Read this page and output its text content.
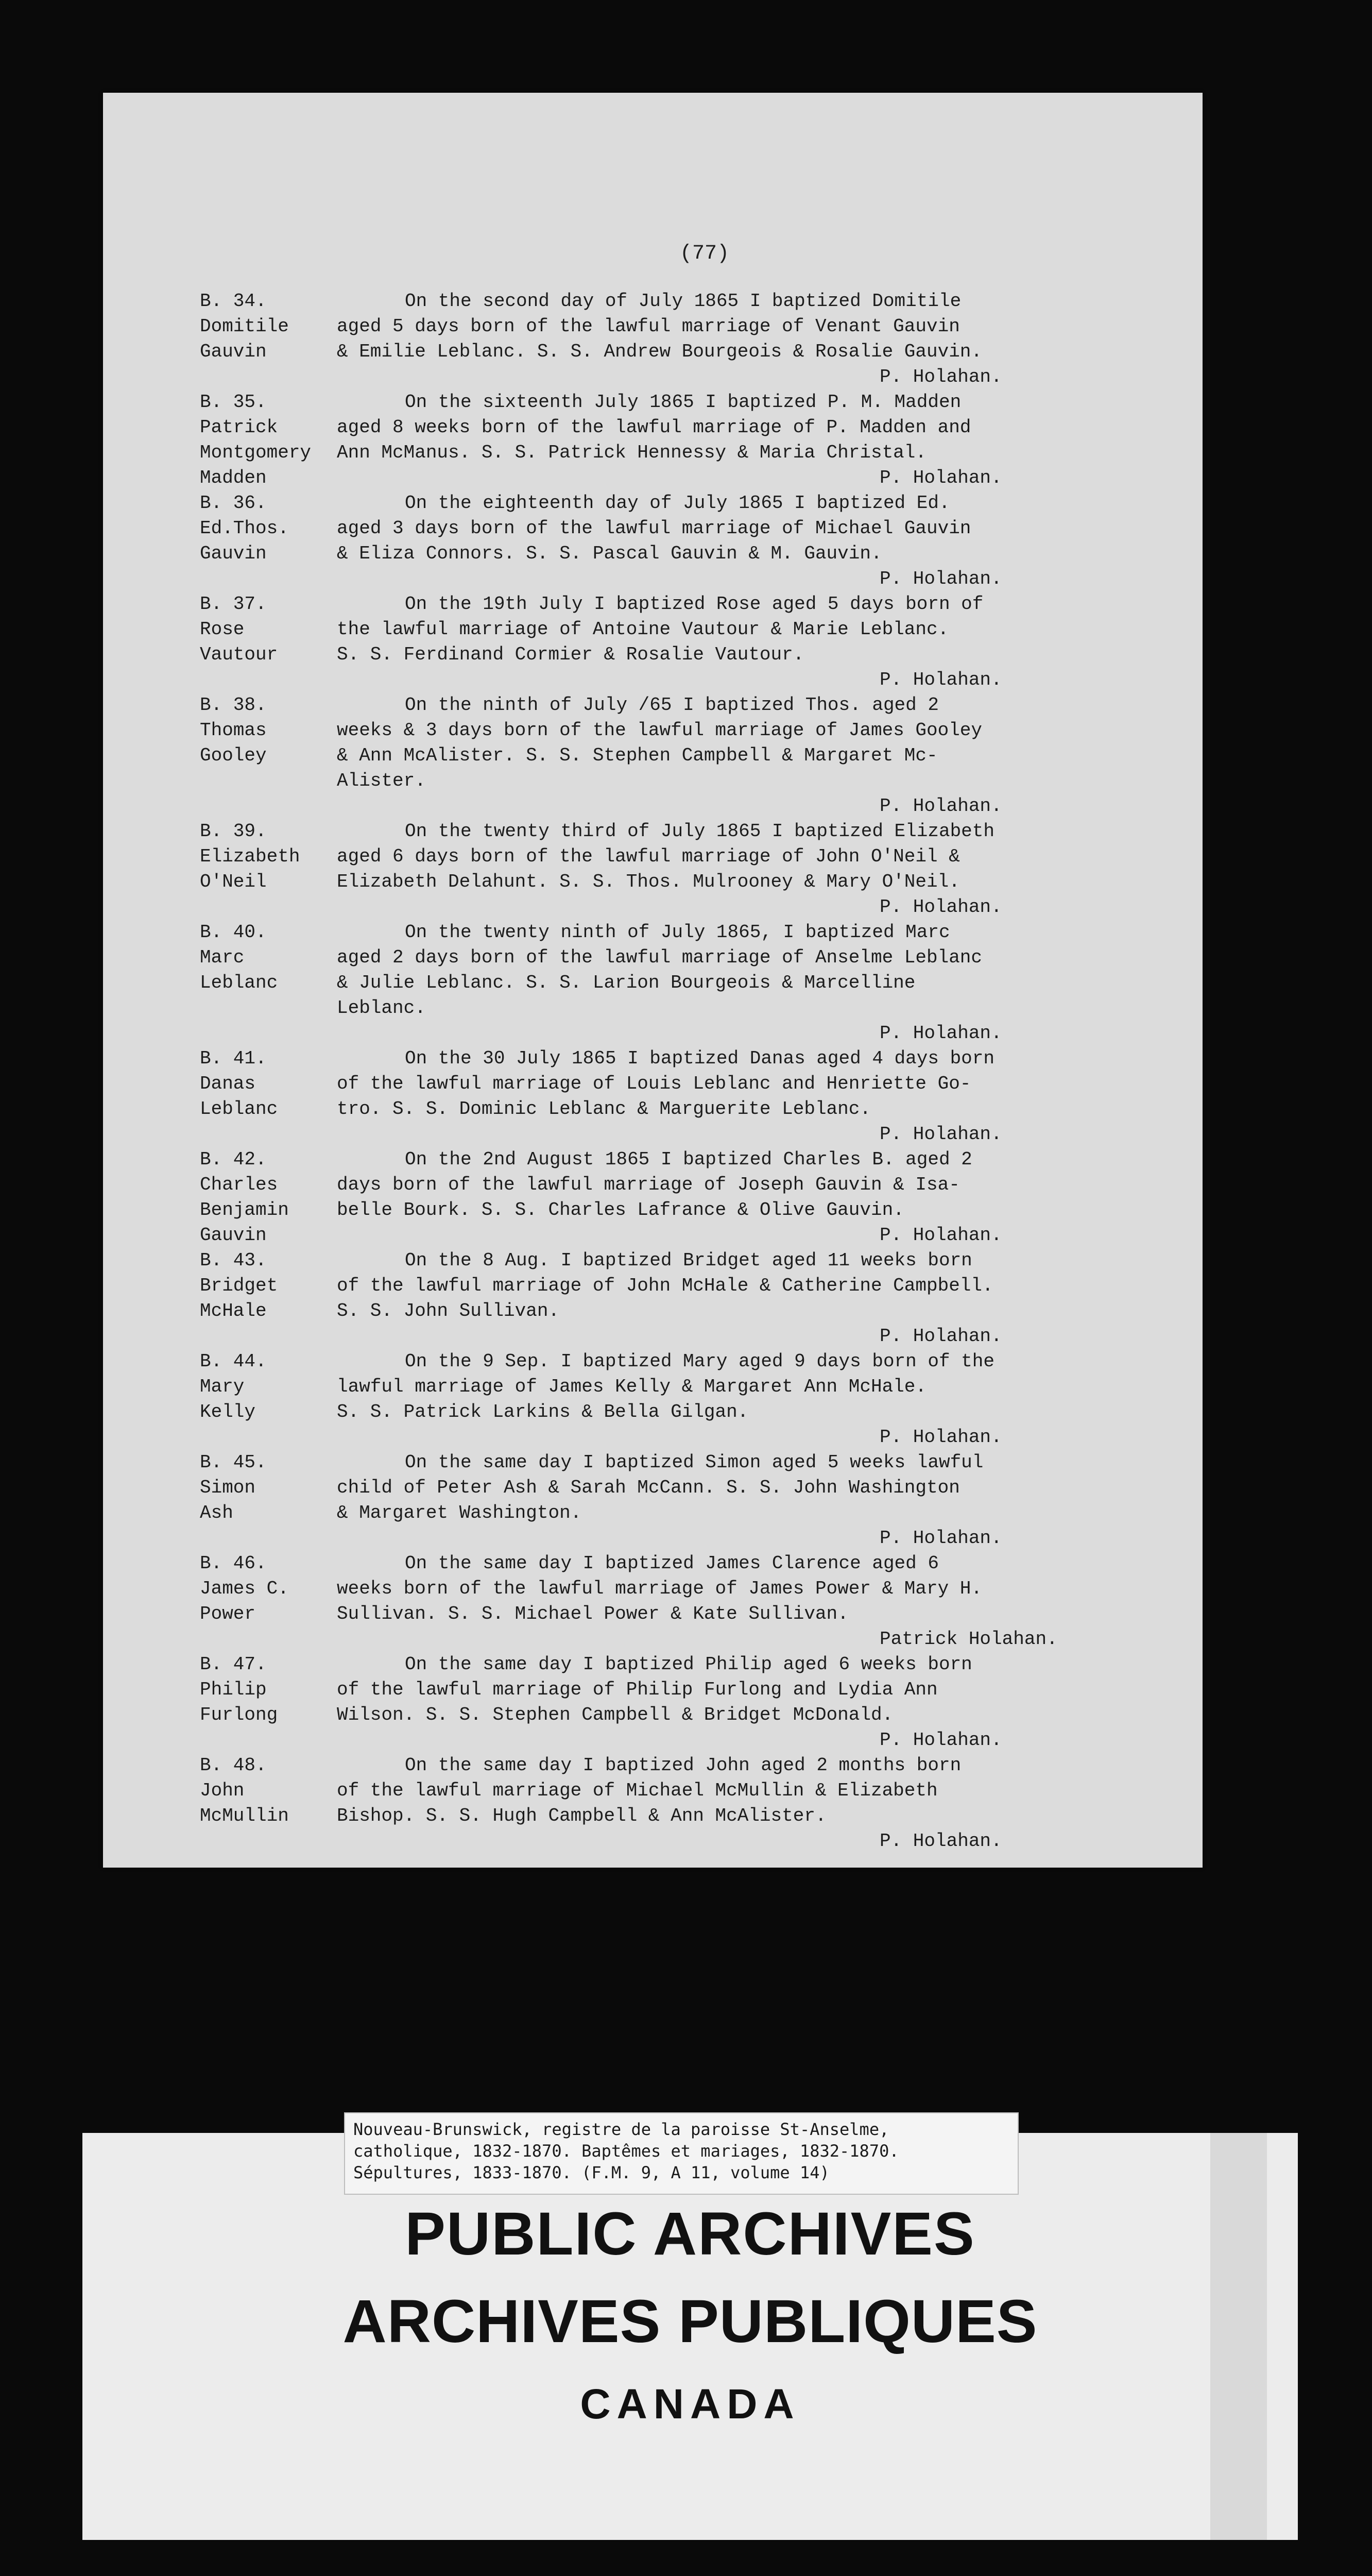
(77)
B. 34.
Domitile
Gauvin
On the second day of July 1865 I baptized Domitile
aged 5 days born of the lawful marriage of Venant Gauvin
& Emilie Leblanc. S. S. Andrew Bourgeois & Rosalie Gauvin.
P. Holahan.
B. 35.
Patrick
Montgomery
Madden
On the sixteenth July 1865 I baptized P. M. Madden
aged 8 weeks born of the lawful marriage of P. Madden and
Ann McManus. S. S. Patrick Hennessy & Maria Christal.
P. Holahan.
B. 36.
Ed.Thos.
Gauvin
On the eighteenth day of July 1865 I baptized Ed.
aged 3 days born of the lawful marriage of Michael Gauvin
& Eliza Connors. S. S. Pascal Gauvin & M. Gauvin.
P. Holahan.
B. 37.
Rose
Vautour
On the 19th July I baptized Rose aged 5 days born of
the lawful marriage of Antoine Vautour & Marie Leblanc.
S. S. Ferdinand Cormier & Rosalie Vautour.
P. Holahan.
B. 38.
Thomas
Gooley
On the ninth of July /65 I baptized Thos. aged 2
weeks & 3 days born of the lawful marriage of James Gooley
& Ann McAlister. S. S. Stephen Campbell & Margaret Mc-
Alister.
P. Holahan.
B. 39.
Elizabeth
O'Neil
On the twenty third of July 1865 I baptized Elizabeth
aged 6 days born of the lawful marriage of John O'Neil &
Elizabeth Delahunt. S. S. Thos. Mulrooney & Mary O'Neil.
P. Holahan.
B. 40.
Marc
Leblanc
On the twenty ninth of July 1865, I baptized Marc
aged 2 days born of the lawful marriage of Anselme Leblanc
& Julie Leblanc. S. S. Larion Bourgeois & Marcelline
Leblanc.
P. Holahan.
B. 41.
Danas
Leblanc
On the 30 July 1865 I baptized Danas aged 4 days born
of the lawful marriage of Louis Leblanc and Henriette Go-
tro. S. S. Dominic Leblanc & Marguerite Leblanc.
P. Holahan.
B. 42.
Charles
Benjamin
Gauvin
On the 2nd August 1865 I baptized Charles B. aged 2
days born of the lawful marriage of Joseph Gauvin & Isa-
belle Bourk. S. S. Charles Lafrance & Olive Gauvin.
P. Holahan.
B. 43.
Bridget
McHale
On the 8 Aug. I baptized Bridget aged 11 weeks born
of the lawful marriage of John McHale & Catherine Campbell.
S. S. John Sullivan.
P. Holahan.
B. 44.
Mary
Kelly
On the 9 Sep. I baptized Mary aged 9 days born of the
lawful marriage of James Kelly & Margaret Ann McHale.
S. S. Patrick Larkins & Bella Gilgan.
P. Holahan.
B. 45.
Simon
Ash
On the same day I baptized Simon aged 5 weeks lawful
child of Peter Ash & Sarah McCann. S. S. John Washington
& Margaret Washington.
P. Holahan.
B. 46.
James C.
Power
On the same day I baptized James Clarence aged 6
weeks born of the lawful marriage of James Power & Mary H.
Sullivan. S. S. Michael Power & Kate Sullivan.
Patrick Holahan.
B. 47.
Philip
Furlong
On the same day I baptized Philip aged 6 weeks born
of the lawful marriage of Philip Furlong and Lydia Ann
Wilson. S. S. Stephen Campbell & Bridget McDonald.
P. Holahan.
B. 48.
John
McMullin
On the same day I baptized John aged 2 months born
of the lawful marriage of Michael McMullin & Elizabeth
Bishop. S. S. Hugh Campbell & Ann McAlister.
P. Holahan.
Nouveau-Brunswick, registre de la paroisse St-Anselme,
catholique, 1832-1870. Baptêmes et mariages, 1832-1870.
Sépultures, 1833-1870. (F.M. 9, A 11, volume 14)
PUBLIC ARCHIVES
ARCHIVES PUBLIQUES
CANADA
